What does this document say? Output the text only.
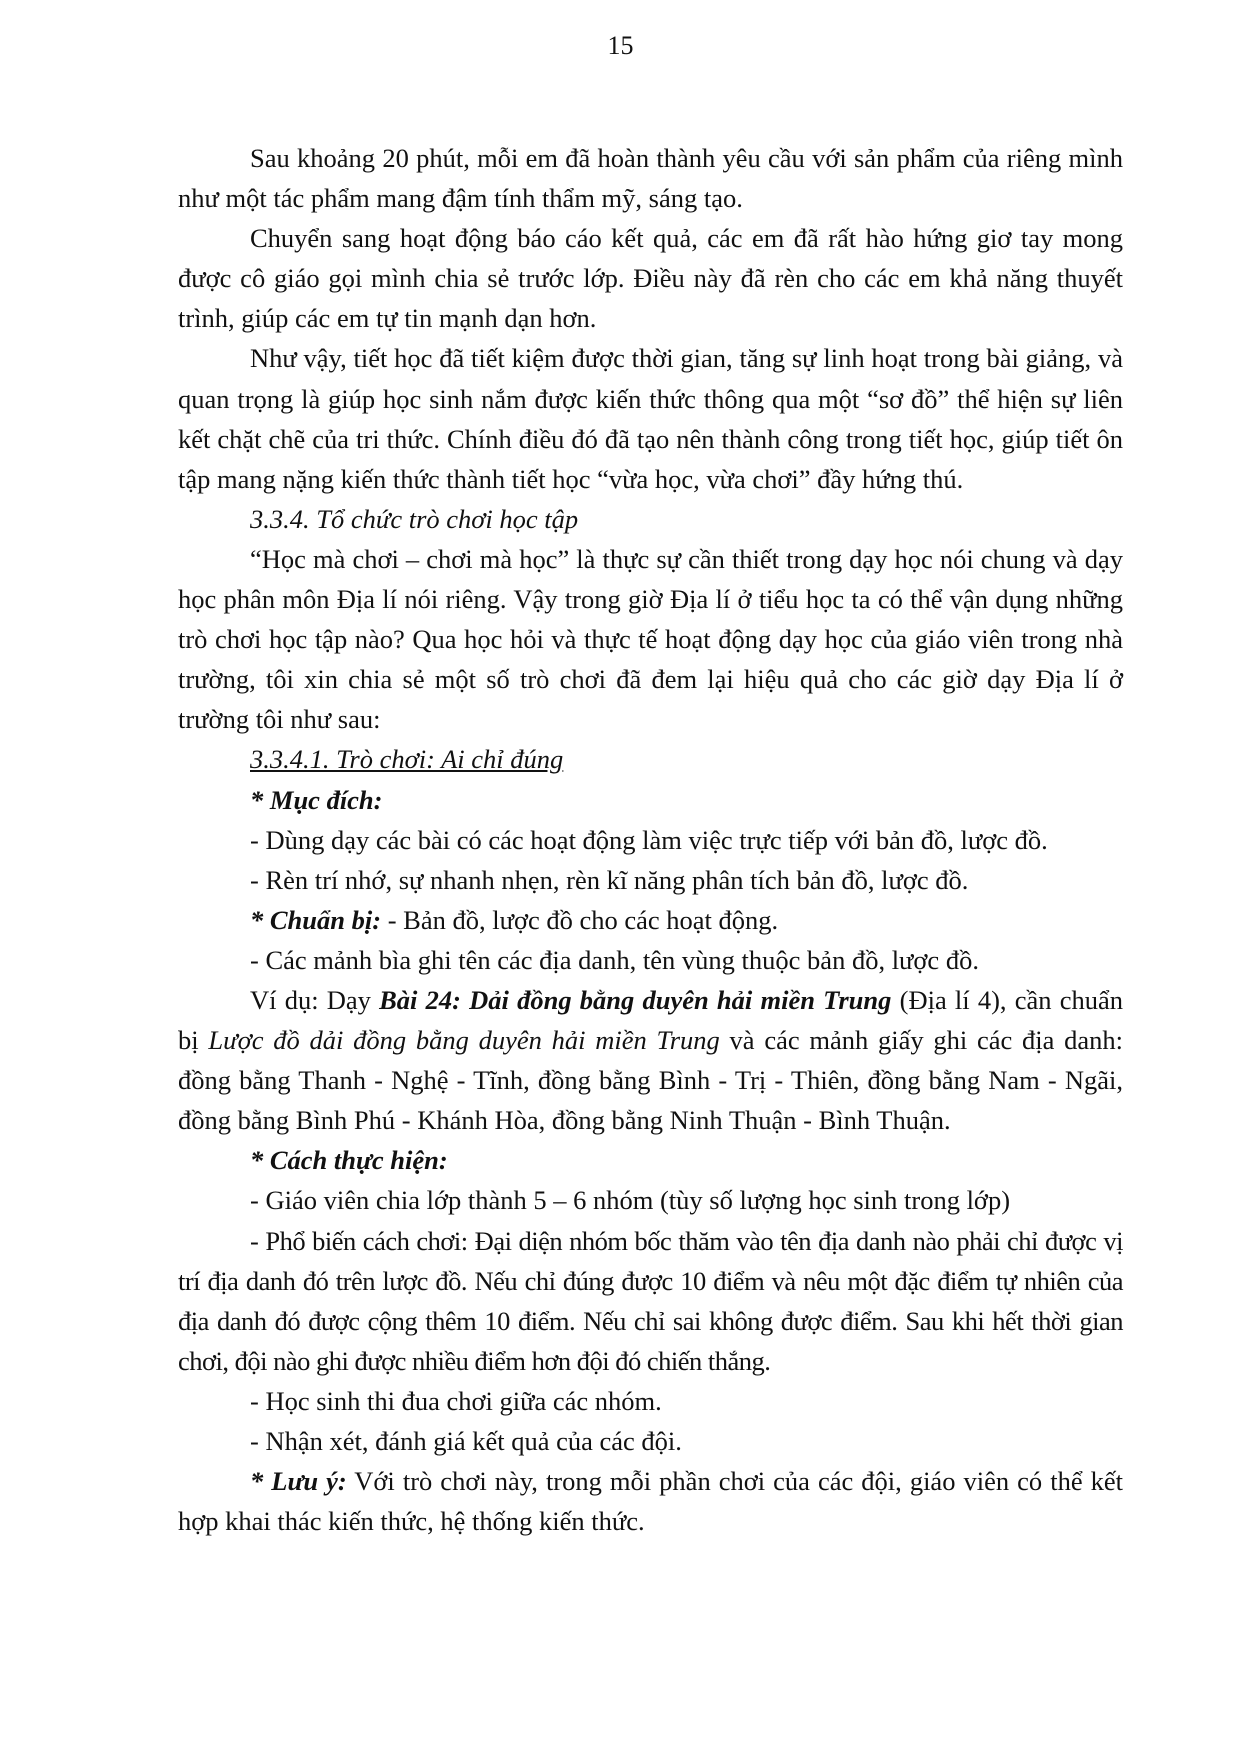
15

Sau khoảng 20 phút, mỗi em đã hoàn thành yêu cầu với sản phẩm của riêng mình như một tác phẩm mang đậm tính thẩm mỹ, sáng tạo.

Chuyển sang hoạt động báo cáo kết quả, các em đã rất hào hứng giơ tay mong được cô giáo gọi mình chia sẻ trước lớp. Điều này đã rèn cho các em khả năng thuyết trình, giúp các em tự tin mạnh dạn hơn.

Như vậy, tiết học đã tiết kiệm được thời gian, tăng sự linh hoạt trong bài giảng, và quan trọng là giúp học sinh nắm được kiến thức thông qua một “sơ đồ” thể hiện sự liên kết chặt chẽ của tri thức. Chính điều đó đã tạo nên thành công trong tiết học, giúp tiết ôn tập mang nặng kiến thức thành tiết học “vừa học, vừa chơi” đầy hứng thú.

3.3.4. Tổ chức trò chơi học tập

“Học mà chơi – chơi mà học” là thực sự cần thiết trong dạy học nói chung và dạy học phân môn Địa lí nói riêng. Vậy trong giờ Địa lí ở tiểu học ta có thể vận dụng những trò chơi học tập nào? Qua học hỏi và thực tế hoạt động dạy học của giáo viên trong nhà trường, tôi xin chia sẻ một số trò chơi đã đem lại hiệu quả cho các giờ dạy Địa lí ở trường tôi như sau:

3.3.4.1. Trò chơi: Ai chỉ đúng

* Mục đích:

- Dùng dạy các bài có các hoạt động làm việc trực tiếp với bản đồ, lược đồ.

- Rèn trí nhớ, sự nhanh nhẹn, rèn kĩ năng phân tích bản đồ, lược đồ.

* Chuẩn bị: - Bản đồ, lược đồ cho các hoạt động.

- Các mảnh bìa ghi tên các địa danh, tên vùng thuộc bản đồ, lược đồ.

Ví dụ: Dạy Bài 24: Dải đồng bằng duyên hải miền Trung (Địa lí 4), cần chuẩn bị Lược đồ dải đồng bằng duyên hải miền Trung và các mảnh giấy ghi các địa danh: đồng bằng Thanh - Nghệ - Tĩnh, đồng bằng Bình - Trị - Thiên, đồng bằng Nam - Ngãi, đồng bằng Bình Phú - Khánh Hòa, đồng bằng Ninh Thuận - Bình Thuận.

* Cách thực hiện:

- Giáo viên chia lớp thành 5 – 6 nhóm (tùy số lượng học sinh trong lớp)

- Phổ biến cách chơi: Đại diện nhóm bốc thăm vào tên địa danh nào phải chỉ được vị trí địa danh đó trên lược đồ. Nếu chỉ đúng được 10 điểm và nêu một đặc điểm tự nhiên của địa danh đó được cộng thêm 10 điểm. Nếu chỉ sai không được điểm. Sau khi hết thời gian chơi, đội nào ghi được nhiều điểm hơn đội đó chiến thắng.

- Học sinh thi đua chơi giữa các nhóm.

- Nhận xét, đánh giá kết quả của các đội.

* Lưu ý: Với trò chơi này, trong mỗi phần chơi của các đội, giáo viên có thể kết hợp khai thác kiến thức, hệ thống kiến thức.
